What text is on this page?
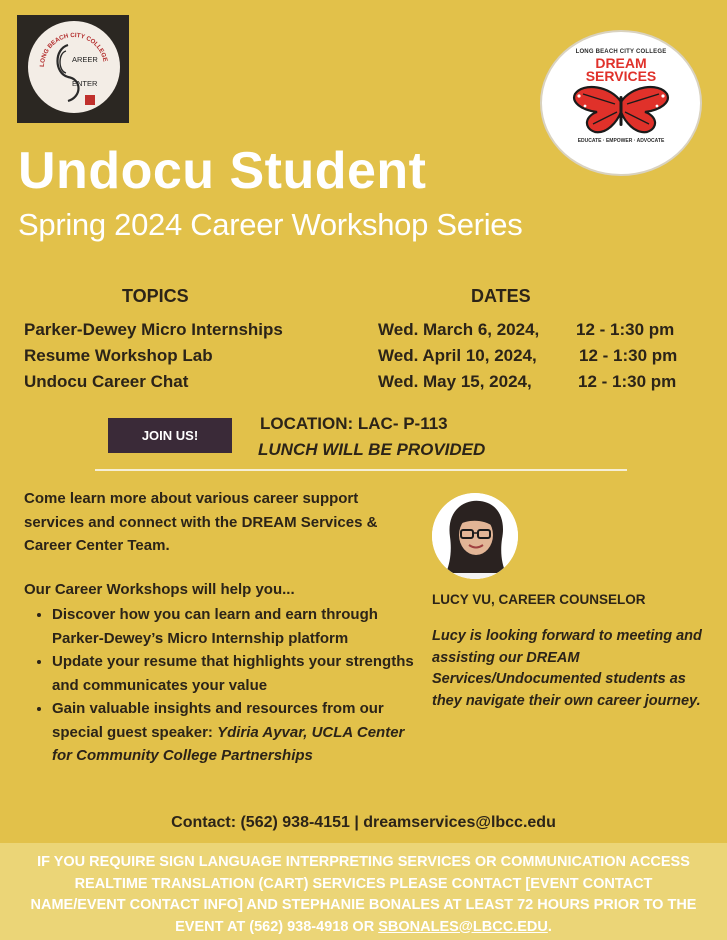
LONG BEACH CITY COLLEGE
AREER
ENTER
LONG BEACH CITY COLLEGE
DREAM
SERVICES
EDUCATE · EMPOWER · ADVOCATE
Undocu Student
Spring 2024 Career Workshop Series
TOPICS	DATES
Parker-Dewey Micro Internships	Wed. March 6, 2024, 12 - 1:30 pm
Resume Workshop Lab	Wed. April 10, 2024, 12 - 1:30 pm
Undocu Career Chat	Wed. May 15, 2024,	12 - 1:30 pm
JOIN US!
LOCATION: LAC- P-113
LUNCH WILL BE PROVIDED
Come learn more about various career support services and connect with the DREAM Services & Career Center Team.
Our Career Workshops will help you...
• Discover how you can learn and earn through Parker-Dewey’s Micro Internship platform
• Update your resume that highlights your strengths and communicates your value
• Gain valuable insights and resources from our special guest speaker: Ydiria Ayvar, UCLA Center for Community College Partnerships
LUCY VU, CAREER COUNSELOR
Lucy is looking forward to meeting and assisting our DREAM Services/Undocumented students as they navigate their own career journey.
Contact: (562) 938-4151 | dreamservices@lbcc.edu

IF YOU REQUIRE SIGN LANGUAGE INTERPRETING SERVICES OR COMMUNICATION ACCESS REALTIME TRANSLATION (CART) SERVICES PLEASE CONTACT [EVENT CONTACT NAME/EVENT CONTACT INFO] AND STEPHANIE BONALES AT LEAST 72 HOURS PRIOR TO THE EVENT AT (562) 938-4918 OR SBONALES@LBCC.EDU.
